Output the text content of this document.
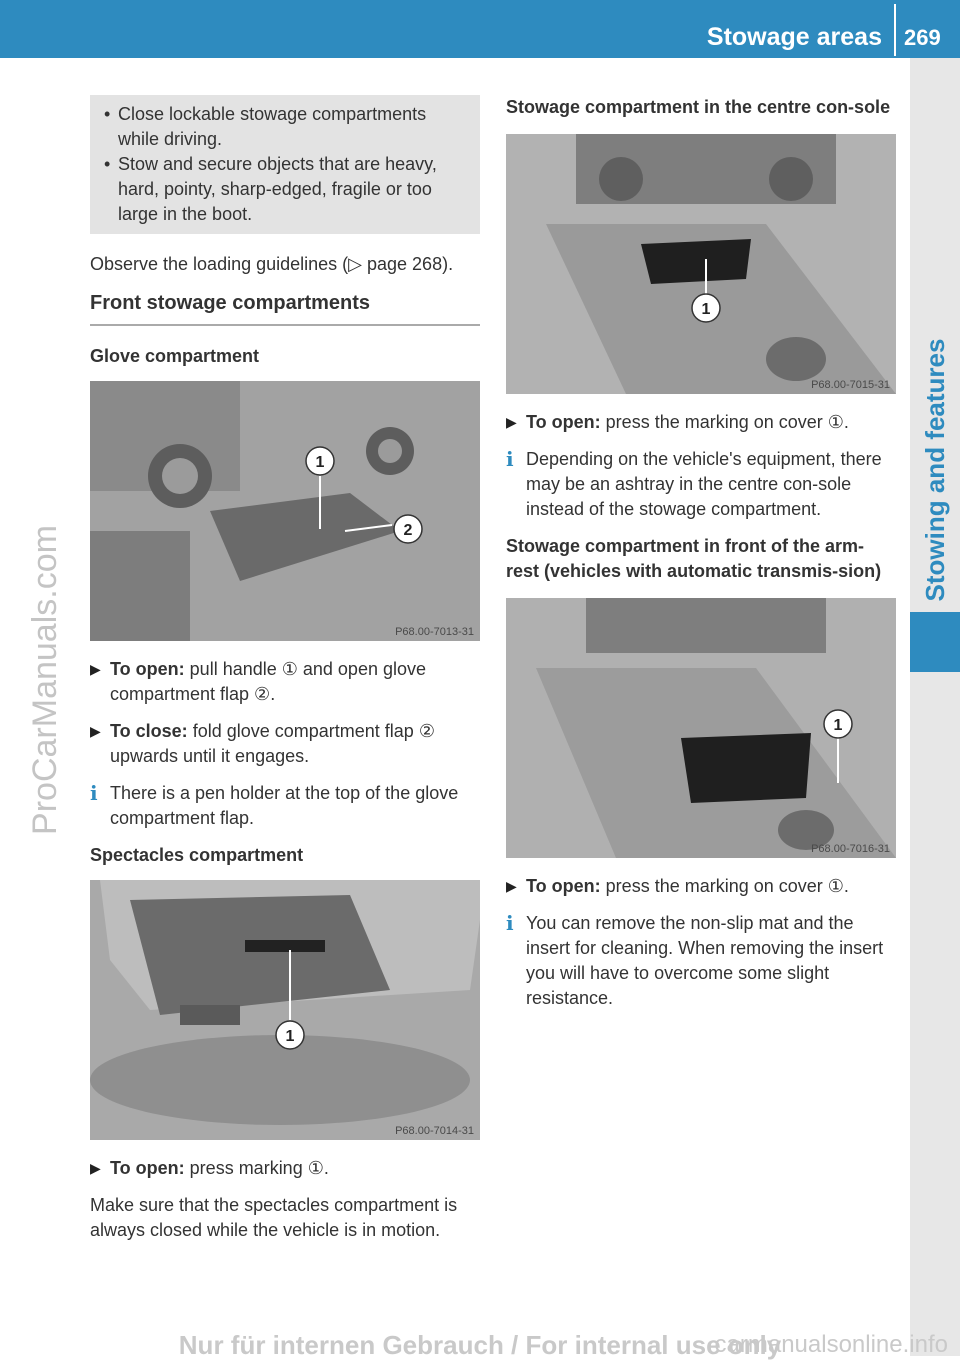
Stowage areas 269
Stowing and features
ProCarManuals.com
Nur für internen Gebrauch / For internal use only
carmanualsonline.info
• Close lockable stowage compartments while driving.
• Stow and secure objects that are heavy, hard, pointy, sharp-edged, fragile or too large in the boot.

Observe the loading guidelines (▷ page 268).

Front stowage compartments
Glove compartment
1
2
P68.00-7013-31
▶ To open: pull handle ① and open glove compartment flap ②.
▶ To close: fold glove compartment flap ② upwards until it engages.
i There is a pen holder at the top of the glove compartment flap.
Spectacles compartment
1
P68.00-7014-31
▶ To open: press marking ①.

Make sure that the spectacles compartment is always closed while the vehicle is in motion.

Stowage compartment in the centre con-sole
1
P68.00-7015-31
▶ To open: press the marking on cover ①.
i Depending on the vehicle's equipment, there may be an ashtray in the centre con-sole instead of the stowage compartment.
Stowage compartment in front of the arm-rest (vehicles with automatic transmis-sion)
1
P68.00-7016-31
▶ To open: press the marking on cover ①.
i You can remove the non-slip mat and the insert for cleaning. When removing the insert you will have to overcome some slight resistance.
